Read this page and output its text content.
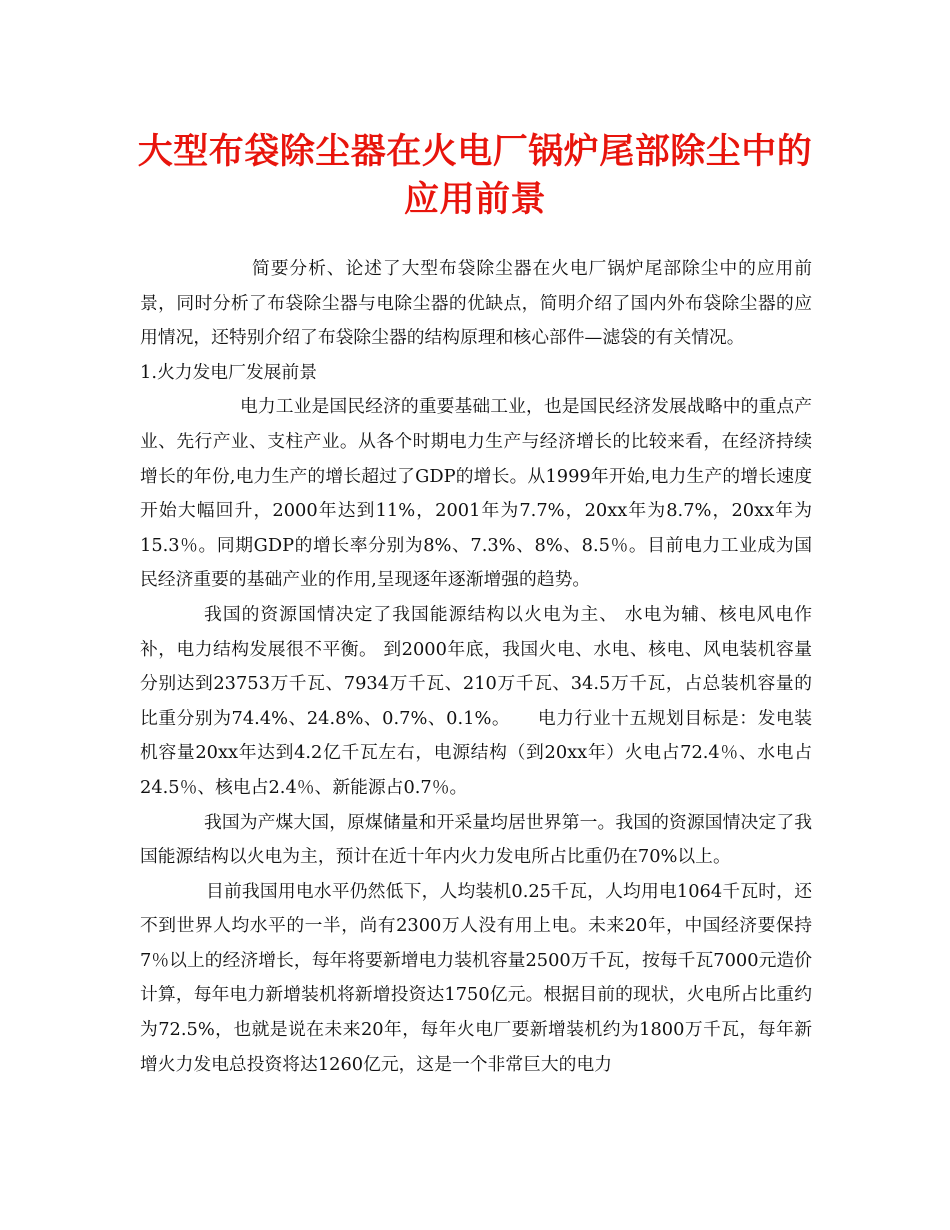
大型布袋除尘器在火电厂锅炉尾部除尘中的
应用前景

简要分析、论述了大型布袋除尘器在火电厂锅炉尾部除尘中的应用前景，同时分析了布袋除尘器与电除尘器的优缺点，简明介绍了国内外布袋除尘器的应用情况，还特别介绍了布袋除尘器的结构原理和核心部件—滤袋的有关情况。

1.火力发电厂发展前景

电力工业是国民经济的重要基础工业，也是国民经济发展战略中的重点产业、先行产业、支柱产业。从各个时期电力生产与经济增长的比较来看，在经济持续增长的年份,电力生产的增长超过了GDP的增长。从1999年开始,电力生产的增长速度开始大幅回升，2000年达到11%，2001年为7.7%，20xx年为8.7%，20xx年为15.3％。同期GDP的增长率分别为8%、7.3%、8%、8.5％。目前电力工业成为国民经济重要的基础产业的作用,呈现逐年逐渐增强的趋势。

我国的资源国情决定了我国能源结构以火电为主、 水电为辅、核电风电作补，电力结构发展很不平衡。 到2000年底，我国火电、水电、核电、风电装机容量分别达到23753万千瓦、7934万千瓦、210万千瓦、34.5万千瓦，占总装机容量的比重分别为74.4%、24.8%、0.7%、0.1%。　　电力行业十五规划目标是：发电装机容量20xx年达到4.2亿千瓦左右，电源结构（到20xx年）火电占72.4％、水电占24.5％、核电占2.4％、新能源占0.7％。

我国为产煤大国，原煤储量和开采量均居世界第一。我国的资源国情决定了我国能源结构以火电为主，预计在近十年内火力发电所占比重仍在70%以上。

目前我国用电水平仍然低下，人均装机0.25千瓦，人均用电1064千瓦时，还不到世界人均水平的一半，尚有2300万人没有用上电。未来20年，中国经济要保持7％以上的经济增长，每年将要新增电力装机容量2500万千瓦，按每千瓦7000元造价计算，每年电力新增装机将新增投资达1750亿元。根据目前的现状，火电所占比重约为72.5%，也就是说在未来20年，每年火电厂要新增装机约为1800万千瓦，每年新增火力发电总投资将达1260亿元，这是一个非常巨大的电力
